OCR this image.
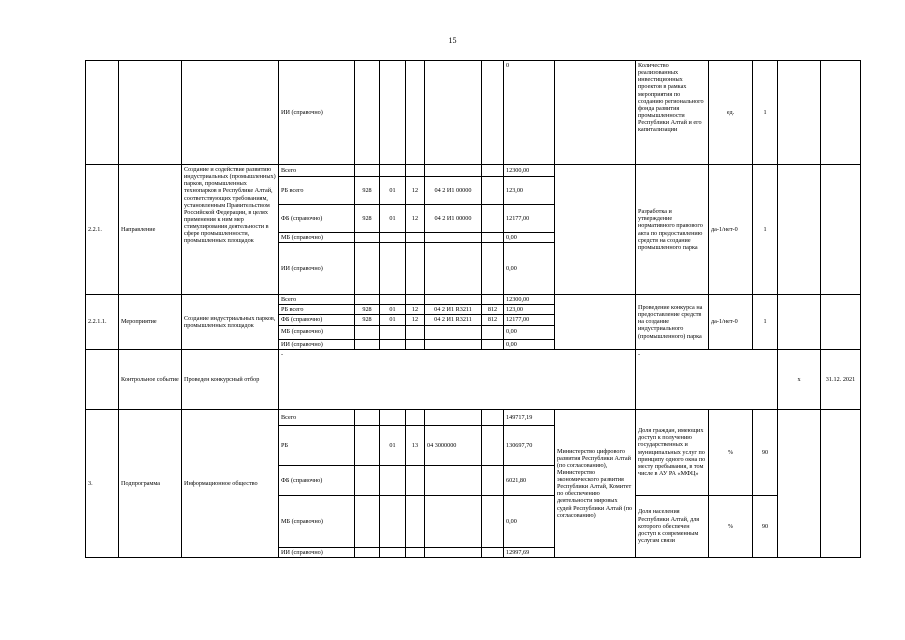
15
			ИИ (справочно)						0		Количество реализованных инвестиционных проектов в рамках мероприятия по созданию регионального фонда развития промышленности Республики Алтай и его капитализации	ед.	1		
2.2.1.	Направление	Создание и содействие развитию индустриальных (промышленных) парков, промышленных технопарков в Республике Алтай, соответствующих требованиям, установленным Правительством Российской Федерации, в целях применения к ним мер стимулирования деятельности в сфере промышленности, промышленных площадок	Всего						12300,00		Разработка и утверждение нормативного правового акта по предоставлению средств на создание промышленного парка	да-1/нет-0	1		
			РБ всего	928	01	12	04 2 И1 00000		123,00						
			ФБ (справочно)	928	01	12	04 2 И1 00000		12177,00						
			МБ (справочно)						0,00						
			ИИ (справочно)						0,00						
2.2.1.1.	Мероприятие	Создание индустриальных парков, промышленных площадок	Всего						12300,00		Проведение конкурса на предоставление средств на создание индустриального (промышленного) парка	да-1/нет-0	1		
			РБ всего	928	01	12	04 2 И1 R3211	812	123,00						
			ФБ (справочно)	928	01	12	04 2 И1 R3211	812	12177,00						
			МБ (справочно)						0,00						
			ИИ (справочно)						0,00						
	Контрольное событие	Проведен конкурсный отбор	-								-			х	31.12. 2021
3.	Подпрограмма	Информационное общество	Всего						149717,19	Министерство цифрового развития Республики Алтай (по согласованию), Министерство экономического развития Республики Алтай, Комитет по обеспечению деятельности мировых судей Республики Алтай (по согласованию)	Доля граждан, имеющих доступ к получению государственных и муниципальных услуг по принципу одного окна по месту пребывания, в том числе в АУ РА «МФЦ»	%	90		
			РБ		01	13	04 3000000		130697,70						
			ФБ (справочно)						6021,80						
			МБ (справочно)						0,00		Доля населения Республики Алтай, для которого обеспечен доступ к современным услугам связи	%	90		
			ИИ (справочно)						12997,69						
